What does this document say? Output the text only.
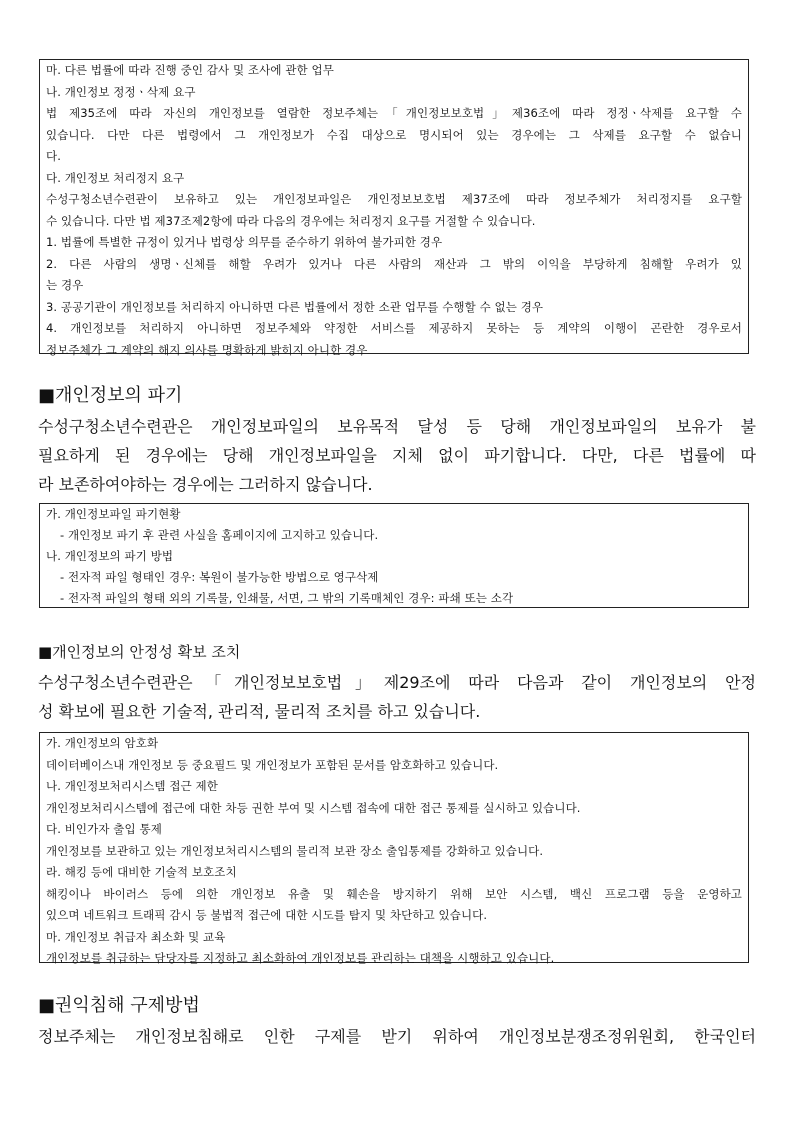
마. 다른 법률에 따라 진행 중인 감사 및 조사에 관한 업무
나. 개인정보 정정ㆍ삭제 요구
법 제35조에 따라 자신의 개인정보를 열람한 정보주체는「개인정보보호법」제36조에 따라 정정ㆍ삭제를 요구할 수
있습니다. 다만 다른 법령에서 그 개인정보가 수집 대상으로 명시되어 있는 경우에는 그 삭제를 요구할 수 없습니
다.
다. 개인정보 처리정지 요구
수성구청소년수련관이 보유하고 있는 개인정보파일은 개인정보보호법 제37조에 따라 정보주체가 처리정지를 요구할
수 있습니다. 다만 법 제37조제2항에 따라 다음의 경우에는 처리정지 요구를 거절할 수 있습니다.
1. 법률에 특별한 규정이 있거나 법령상 의무를 준수하기 위하여 불가피한 경우
2. 다른 사람의 생명ㆍ신체를 해할 우려가 있거나 다른 사람의 재산과 그 밖의 이익을 부당하게 침해할 우려가 있
는 경우
3. 공공기관이 개인정보를 처리하지 아니하면 다른 법률에서 정한 소관 업무를 수행할 수 없는 경우
4. 개인정보를 처리하지 아니하면 정보주체와 약정한 서비스를 제공하지 못하는 등 계약의 이행이 곤란한 경우로서
정보주체가 그 계약의 해지 의사를 명확하게 밝히지 아니한 경우
■개인정보의 파기
수성구청소년수련관은 개인정보파일의 보유목적 달성 등 당해 개인정보파일의 보유가 불
필요하게 된 경우에는 당해 개인정보파일을 지체 없이 파기합니다. 다만, 다른 법률에 따
라 보존하여야하는 경우에는 그러하지 않습니다.
가. 개인정보파일 파기현황
- 개인정보 파기 후 관련 사실을 홈페이지에 고지하고 있습니다.
나. 개인정보의 파기 방법
- 전자적 파일 형태인 경우: 복원이 불가능한 방법으로 영구삭제
- 전자적 파일의 형태 외의 기록물, 인쇄물, 서면, 그 밖의 기록매체인 경우: 파쇄 또는 소각
■개인정보의 안정성 확보 조치
수성구청소년수련관은「개인정보보호법」제29조에 따라 다음과 같이 개인정보의 안정
성 확보에 필요한 기술적, 관리적, 물리적 조치를 하고 있습니다.
가. 개인정보의 암호화
데이터베이스내 개인정보 등 중요필드 및 개인정보가 포함된 문서를 암호화하고 있습니다.
나. 개인정보처리시스템 접근 제한
개인정보처리시스템에 접근에 대한 차등 권한 부여 및 시스템 접속에 대한 접근 통제를 실시하고 있습니다.
다. 비인가자 출입 통제
개인정보를 보관하고 있는 개인정보처리시스템의 물리적 보관 장소 출입통제를 강화하고 있습니다.
라. 해킹 등에 대비한 기술적 보호조치
해킹이나 바이러스 등에 의한 개인정보 유출 및 훼손을 방지하기 위해 보안 시스템, 백신 프로그램 등을 운영하고
있으며 네트워크 트래픽 감시 등 불법적 접근에 대한 시도를 탐지 및 차단하고 있습니다.
마. 개인정보 취급자 최소화 및 교육
개인정보를 취급하는 담당자를 지정하고 최소화하여 개인정보를 관리하는 대책을 시행하고 있습니다.
■권익침해 구제방법
정보주체는 개인정보침해로 인한 구제를 받기 위하여 개인정보분쟁조정위원회, 한국인터
